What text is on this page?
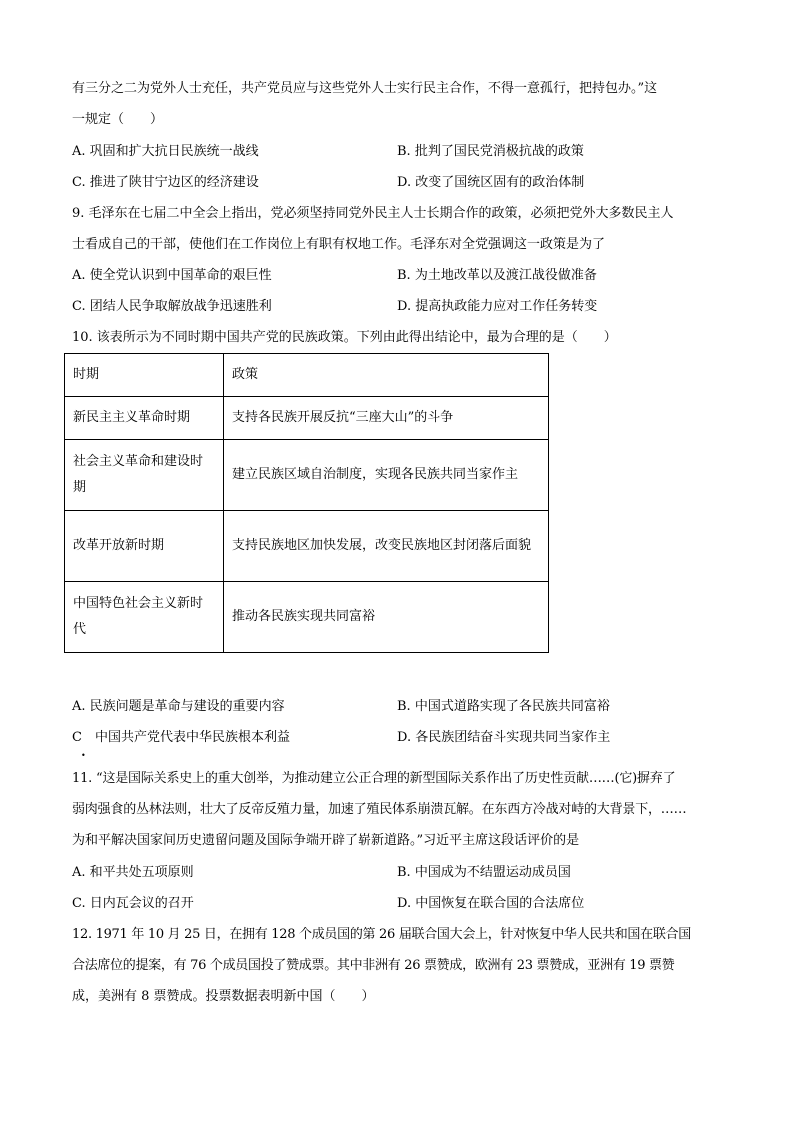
有三分之二为党外人士充任，共产党员应与这些党外人士实行民主合作，不得一意孤行，把持包办。”这
一规定（　　）
A. 巩固和扩大抗日民族统一战线	B. 批判了国民党消极抗战的政策
C. 推进了陕甘宁边区的经济建设	D. 改变了国统区固有的政治体制
9. 毛泽东在七届二中全会上指出，党必须坚持同党外民主人士长期合作的政策，必须把党外大多数民主人
士看成自己的干部，使他们在工作岗位上有职有权地工作。毛泽东对全党强调这一政策是为了
A. 使全党认识到中国革命的艰巨性	B. 为土地改革以及渡江战役做准备
C. 团结人民争取解放战争迅速胜利	D. 提高执政能力应对工作任务转变
10. 该表所示为不同时期中国共产党的民族政策。下列由此得出结论中，最为合理的是（　　）
时期	政策
新民主主义革命时期	支持各民族开展反抗“三座大山”的斗争
社会主义革命和建设时期	建立民族区域自治制度，实现各民族共同当家作主
改革开放新时期	支持民族地区加快发展，改变民族地区封闭落后面貌
中国特色社会主义新时代	推动各民族实现共同富裕
A. 民族问题是革命与建设的重要内容	B. 中国式道路实现了各民族共同富裕
C　中国共产党代表中华民族根本利益	D. 各民族团结奋斗实现共同当家作主
•
11. “这是国际关系史上的重大创举，为推动建立公正合理的新型国际关系作出了历史性贡献……(它)摒弃了
弱肉强食的丛林法则，壮大了反帝反殖力量，加速了殖民体系崩溃瓦解。在东西方冷战对峙的大背景下，……
为和平解决国家间历史遗留问题及国际争端开辟了崭新道路。”习近平主席这段话评价的是
A. 和平共处五项原则	B. 中国成为不结盟运动成员国
C. 日内瓦会议的召开	D. 中国恢复在联合国的合法席位
12. 1971 年 10 月 25 日，在拥有 128 个成员国的第 26 届联合国大会上，针对恢复中华人民共和国在联合国
合法席位的提案，有 76 个成员国投了赞成票。其中非洲有 26 票赞成，欧洲有 23 票赞成，亚洲有 19 票赞
成，美洲有 8 票赞成。投票数据表明新中国（　　）
